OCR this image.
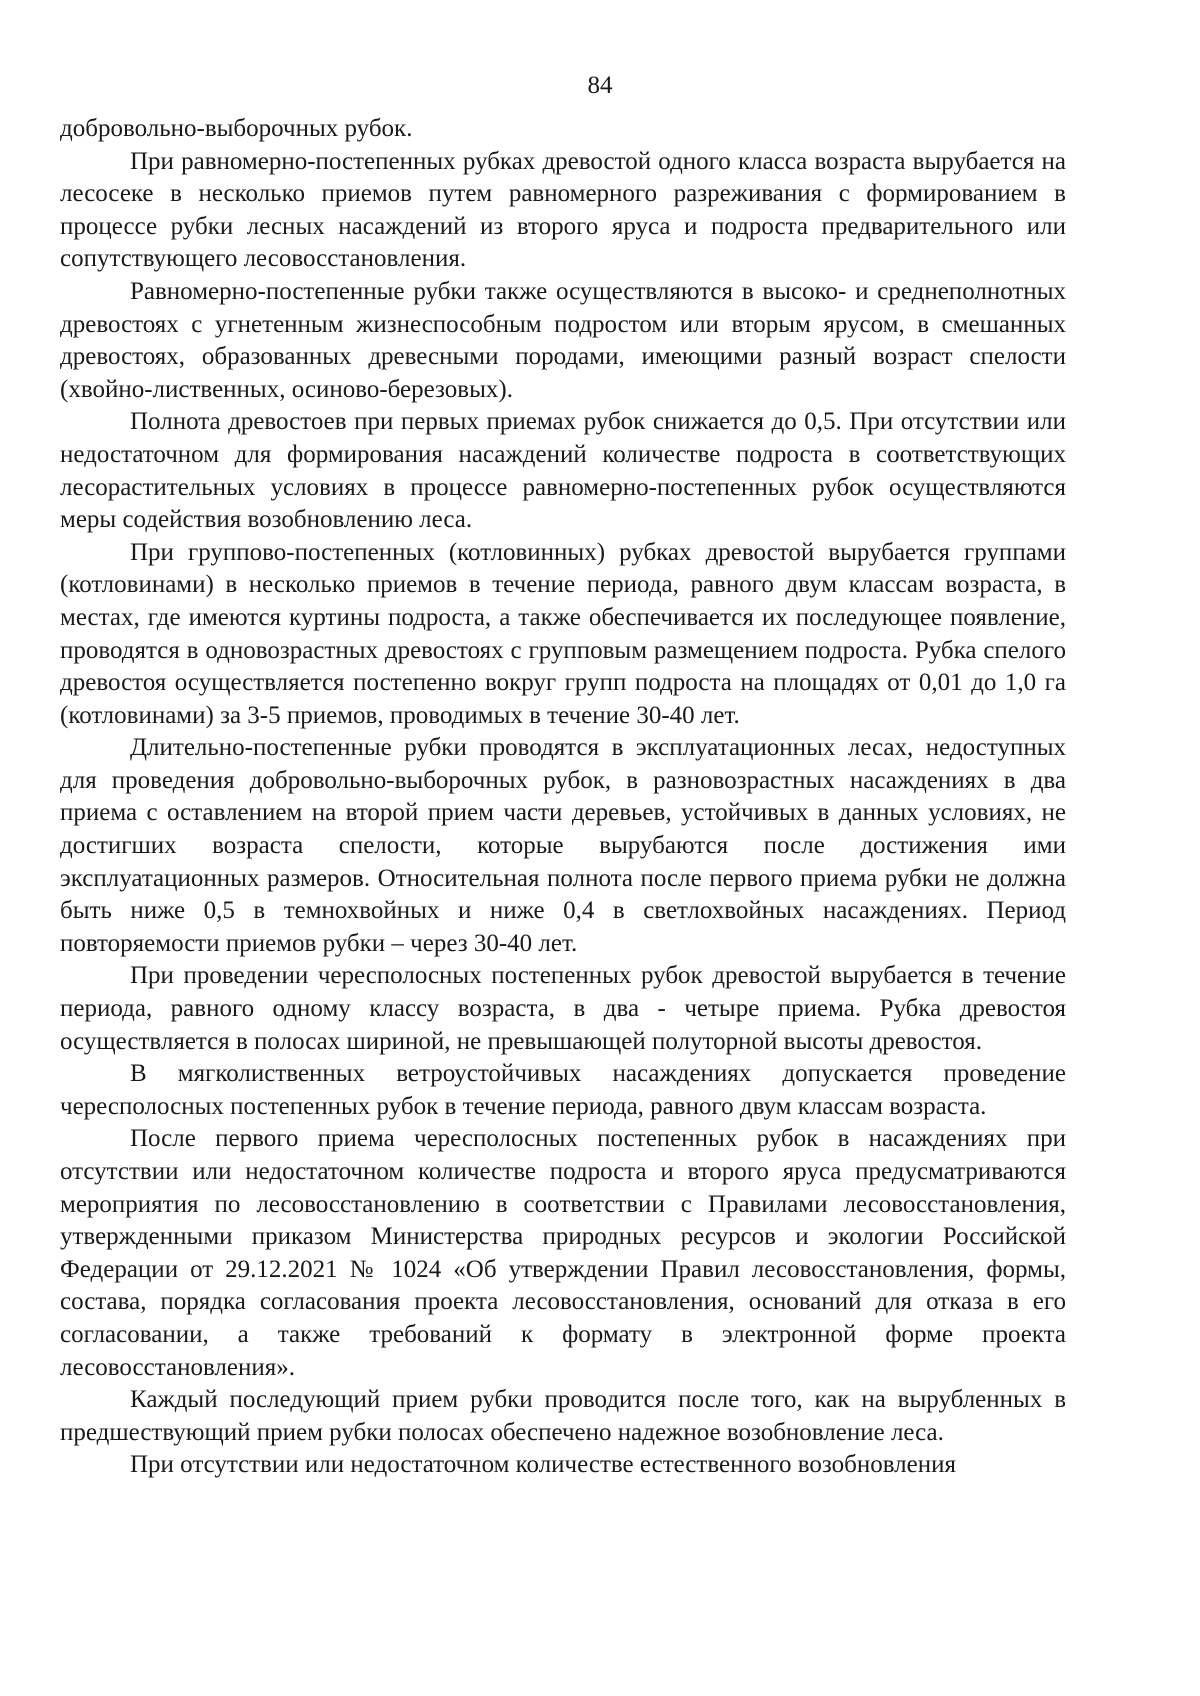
84

добровольно-выборочных рубок.

При равномерно-постепенных рубках древостой одного класса возраста вырубается на лесосеке в несколько приемов путем равномерного разреживания с формированием в процессе рубки лесных насаждений из второго яруса и подроста предварительного или сопутствующего лесовосстановления.

Равномерно-постепенные рубки также осуществляются в высоко- и среднеполнотных древостоях с угнетенным жизнеспособным подростом или вторым ярусом, в смешанных древостоях, образованных древесными породами, имеющими разный возраст спелости (хвойно-лиственных, осиново-березовых).

Полнота древостоев при первых приемах рубок снижается до 0,5. При отсутствии или недостаточном для формирования насаждений количестве подроста в соответствующих лесорастительных условиях в процессе равномерно-постепенных рубок осуществляются меры содействия возобновлению леса.

При группово-постепенных (котловинных) рубках древостой вырубается группами (котловинами) в несколько приемов в течение периода, равного двум классам возраста, в местах, где имеются куртины подроста, а также обеспечивается их последующее появление, проводятся в одновозрастных древостоях с групповым размещением подроста. Рубка спелого древостоя осуществляется постепенно вокруг групп подроста на площадях от 0,01 до 1,0 га (котловинами) за 3-5 приемов, проводимых в течение 30-40 лет.

Длительно-постепенные рубки проводятся в эксплуатационных лесах, недоступных для проведения добровольно-выборочных рубок, в разновозрастных насаждениях в два приема с оставлением на второй прием части деревьев, устойчивых в данных условиях, не достигших возраста спелости, которые вырубаются после достижения ими эксплуатационных размеров. Относительная полнота после первого приема рубки не должна быть ниже 0,5 в темнохвойных и ниже 0,4 в светлохвойных насаждениях. Период повторяемости приемов рубки – через 30-40 лет.

При проведении чересполосных постепенных рубок древостой вырубается в течение периода, равного одному классу возраста, в два - четыре приема. Рубка древостоя осуществляется в полосах шириной, не превышающей полуторной высоты древостоя.

В мягколиственных ветроустойчивых насаждениях допускается проведение чересполосных постепенных рубок в течение периода, равного двум классам возраста.

После первого приема чересполосных постепенных рубок в насаждениях при отсутствии или недостаточном количестве подроста и второго яруса предусматриваются мероприятия по лесовосстановлению в соответствии с Правилами лесовосстановления, утвержденными приказом Министерства природных ресурсов и экологии Российской Федерации от 29.12.2021 № 1024 «Об утверждении Правил лесовосстановления, формы, состава, порядка согласования проекта лесовосстановления, оснований для отказа в его согласовании, а также требований к формату в электронной форме проекта лесовосстановления».

Каждый последующий прием рубки проводится после того, как на вырубленных в предшествующий прием рубки полосах обеспечено надежное возобновление леса.

При отсутствии или недостаточном количестве естественного возобновления
